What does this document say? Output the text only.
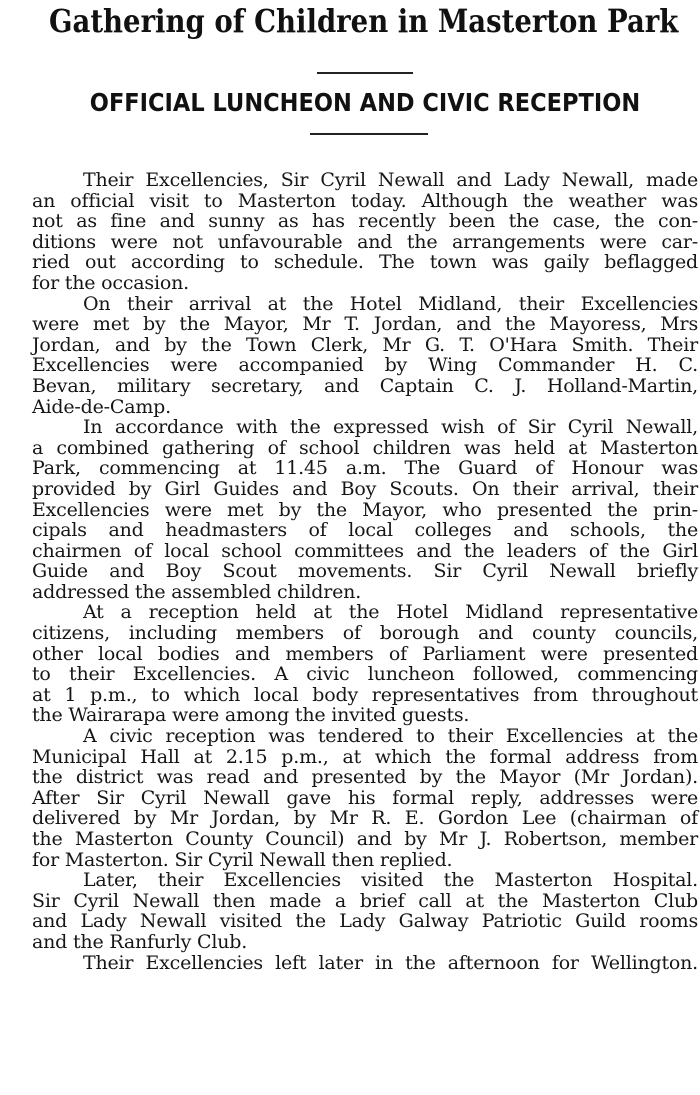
Gathering of Children in Masterton Park
OFFICIAL LUNCHEON AND CIVIC RECEPTION
Their Excellencies, Sir Cyril Newall and Lady Newall, made
an official visit to Masterton today. Although the weather was
not as fine and sunny as has recently been the case, the con-
ditions were not unfavourable and the arrangements were car-
ried out according to schedule. The town was gaily beflagged
for the occasion.
On their arrival at the Hotel Midland, their Excellencies
were met by the Mayor, Mr T. Jordan, and the Mayoress, Mrs
Jordan, and by the Town Clerk, Mr G. T. O'Hara Smith. Their
Excellencies were accompanied by Wing Commander H. C.
Bevan, military secretary, and Captain C. J. Holland-Martin,
Aide-de-Camp.
In accordance with the expressed wish of Sir Cyril Newall,
a combined gathering of school children was held at Masterton
Park, commencing at 11.45 a.m. The Guard of Honour was
provided by Girl Guides and Boy Scouts. On their arrival, their
Excellencies were met by the Mayor, who presented the prin-
cipals and headmasters of local colleges and schools, the
chairmen of local school committees and the leaders of the Girl
Guide and Boy Scout movements. Sir Cyril Newall briefly
addressed the assembled children.
At a reception held at the Hotel Midland representative
citizens, including members of borough and county councils,
other local bodies and members of Parliament were presented
to their Excellencies. A civic luncheon followed, commencing
at 1 p.m., to which local body representatives from throughout
the Wairarapa were among the invited guests.
A civic reception was tendered to their Excellencies at the
Municipal Hall at 2.15 p.m., at which the formal address from
the district was read and presented by the Mayor (Mr Jordan).
After Sir Cyril Newall gave his formal reply, addresses were
delivered by Mr Jordan, by Mr R. E. Gordon Lee (chairman of
the Masterton County Council) and by Mr J. Robertson, member
for Masterton. Sir Cyril Newall then replied.
Later, their Excellencies visited the Masterton Hospital.
Sir Cyril Newall then made a brief call at the Masterton Club
and Lady Newall visited the Lady Galway Patriotic Guild rooms
and the Ranfurly Club.
Their Excellencies left later in the afternoon for Wellington.
